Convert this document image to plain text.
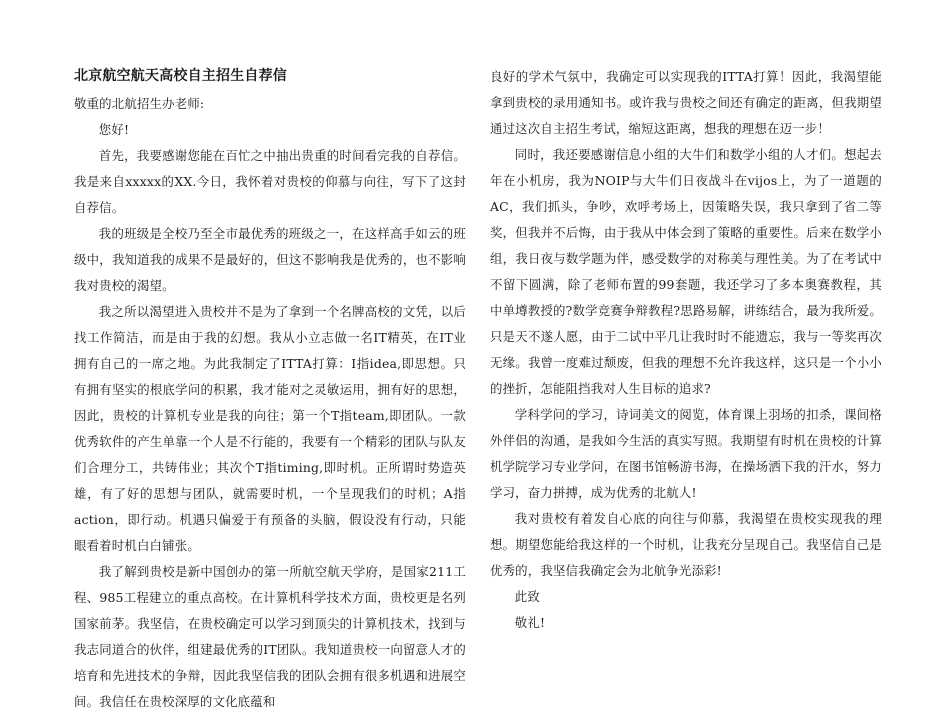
北京航空航天高校自主招生自荐信

敬重的北航招生办老师:

您好!

首先，我要感谢您能在百忙之中抽出贵重的时间看完我的自荐信。我是来自xxxxx的XX.今日，我怀着对贵校的仰慕与向往，写下了这封自荐信。

我的班级是全校乃至全市最优秀的班级之一，在这样高手如云的班级中，我知道我的成果不是最好的，但这不影响我是优秀的，也不影响我对贵校的渴望。

我之所以渴望进入贵校并不是为了拿到一个名牌高校的文凭，以后找工作简洁，而是由于我的幻想。我从小立志做一名IT精英，在IT业拥有自己的一席之地。为此我制定了ITTA打算：I指idea,即思想。只有拥有坚实的根底学问的积累，我才能对之灵敏运用，拥有好的思想，因此，贵校的计算机专业是我的向往；第一个T指team,即团队。一款优秀软件的产生单靠一个人是不行能的，我要有一个精彩的团队与队友们合理分工，共铸伟业；其次个T指timing,即时机。正所谓时势造英雄，有了好的思想与团队，就需要时机，一个呈现我们的时机；A指action，即行动。机遇只偏爱于有预备的头脑，假设没有行动，只能眼看着时机白白铺张。

我了解到贵校是新中国创办的第一所航空航天学府，是国家211工程、985工程建立的重点高校。在计算机科学技术方面，贵校更是名列国家前茅。我坚信，在贵校确定可以学习到顶尖的计算机技术，找到与我志同道合的伙伴，组建最优秀的IT团队。我知道贵校一向留意人才的培育和先进技术的争辩，因此我坚信我的团队会拥有很多机遇和进展空间。我信任在贵校深厚的文化底蕴和

良好的学术气氛中，我确定可以实现我的ITTA打算！因此，我渴望能拿到贵校的录用通知书。或许我与贵校之间还有确定的距离，但我期望通过这次自主招生考试，缩短这距离，想我的理想在迈一步！

同时，我还要感谢信息小组的大牛们和数学小组的人才们。想起去年在小机房，我为NOIP与大牛们日夜战斗在vijos上，为了一道题的AC，我们抓头，争吵，欢呼考场上，因策略失误，我只拿到了省二等奖，但我并不后悔，由于我从中体会到了策略的重要性。后来在数学小组，我日夜与数学题为伴，感受数学的对称美与理性美。为了在考试中不留下圆满，除了老师布置的99套题，我还学习了多本奥赛教程，其中单墫教授的?数学竞赛争辩教程?思路易解，讲练结合，最为我所爱。只是天不遂人愿，由于二试中平几让我时时不能遗忘，我与一等奖再次无缘。我曾一度难过颓废，但我的理想不允许我这样，这只是一个小小的挫折，怎能阻挡我对人生目标的追求?

学科学问的学习，诗词美文的阅览，体育课上羽场的扣杀，课间格外伴侣的沟通，是我如今生活的真实写照。我期望有时机在贵校的计算机学院学习专业学问，在图书馆畅游书海，在操场洒下我的汗水，努力学习，奋力拼搏，成为优秀的北航人!

我对贵校有着发自心底的向往与仰慕，我渴望在贵校实现我的理想。期望您能给我这样的一个时机，让我充分呈现自己。我坚信自己是优秀的，我坚信我确定会为北航争光添彩!

此致

敬礼!
